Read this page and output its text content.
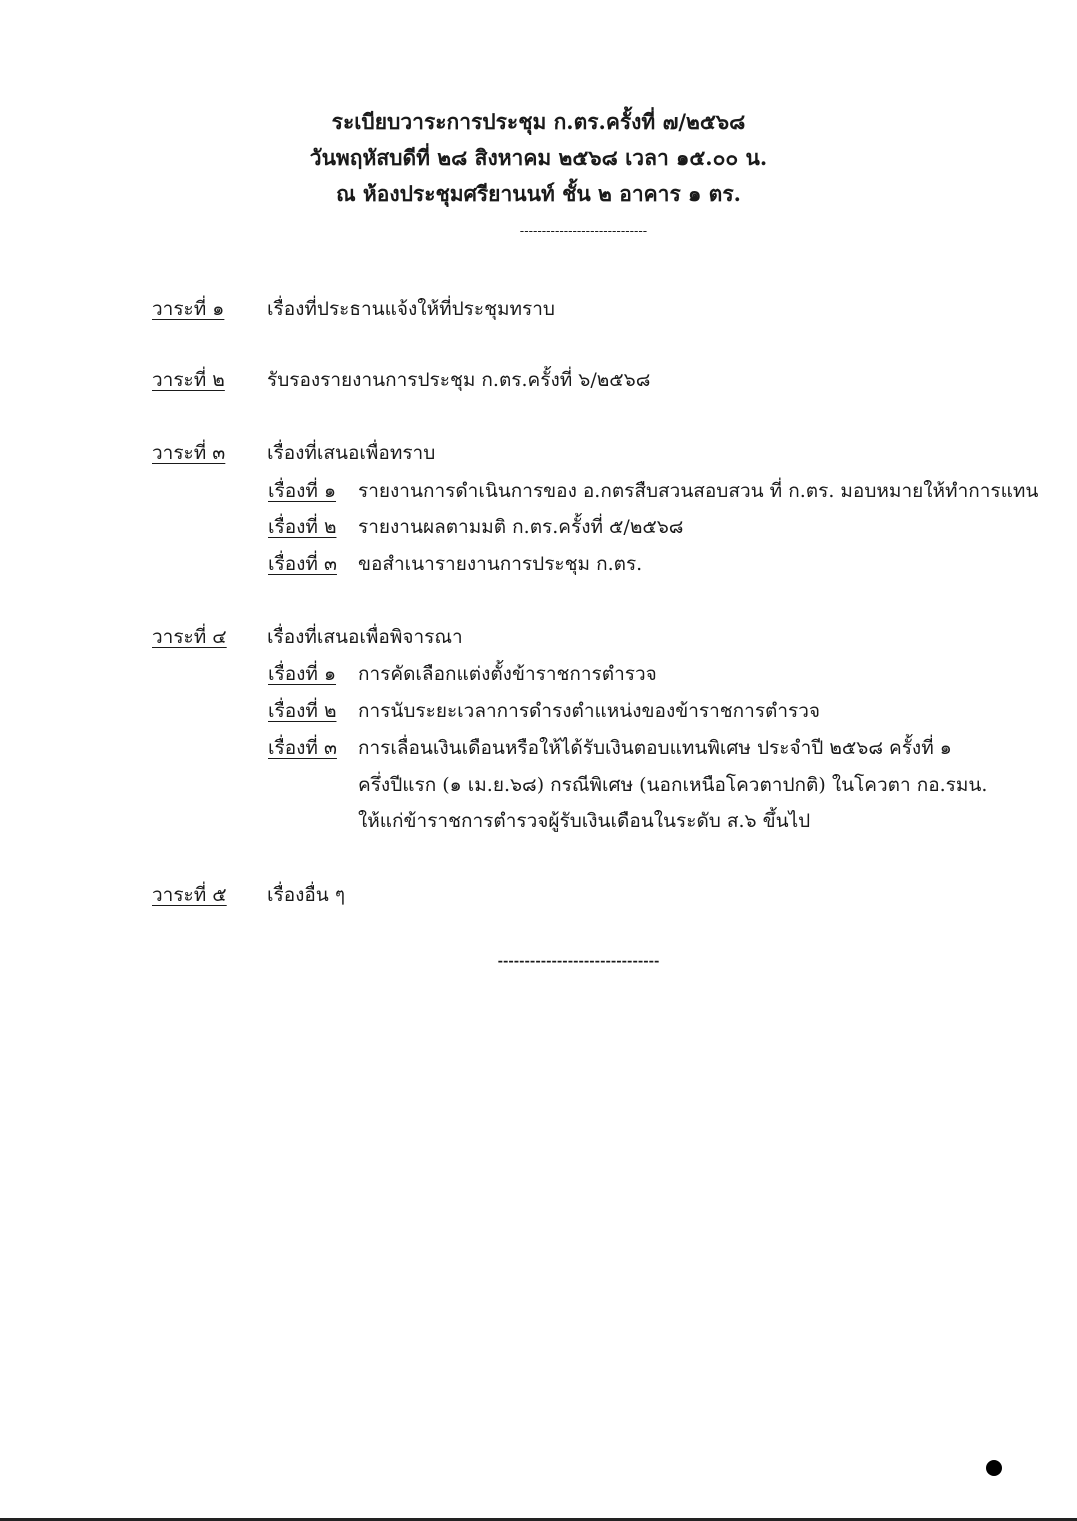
ระเบียบวาระการประชุม ก.ตร.ครั้งที่ ๗/๒๕๖๘
วันพฤหัสบดีที่ ๒๘ สิงหาคม ๒๕๖๘ เวลา ๑๕.๐๐ น.
ณ ห้องประชุมศรียานนท์ ชั้น ๒ อาคาร ๑ ตร.
-----------------------------
วาระที่ ๑ เรื่องที่ประธานแจ้งให้ที่ประชุมทราบ
วาระที่ ๒ รับรองรายงานการประชุม ก.ตร.ครั้งที่ ๖/๒๕๖๘
วาระที่ ๓ เรื่องที่เสนอเพื่อทราบ
เรื่องที่ ๑ รายงานการดำเนินการของ อ.กตรสืบสวนสอบสวน ที่ ก.ตร. มอบหมายให้ทำการแทน
เรื่องที่ ๒ รายงานผลตามมติ ก.ตร.ครั้งที่ ๕/๒๕๖๘
เรื่องที่ ๓ ขอสำเนารายงานการประชุม ก.ตร.
วาระที่ ๔ เรื่องที่เสนอเพื่อพิจารณา
เรื่องที่ ๑ การคัดเลือกแต่งตั้งข้าราชการตำรวจ
เรื่องที่ ๒ การนับระยะเวลาการดำรงตำแหน่งของข้าราชการตำรวจ
เรื่องที่ ๓ การเลื่อนเงินเดือนหรือให้ได้รับเงินตอบแทนพิเศษ ประจำปี ๒๕๖๘ ครั้งที่ ๑
ครึ่งปีแรก (๑ เม.ย.๖๘) กรณีพิเศษ (นอกเหนือโควตาปกติ) ในโควตา กอ.รมน.
ให้แก่ข้าราชการตำรวจผู้รับเงินเดือนในระดับ ส.๖ ขึ้นไป
วาระที่ ๕ เรื่องอื่น ๆ
------------------------------
